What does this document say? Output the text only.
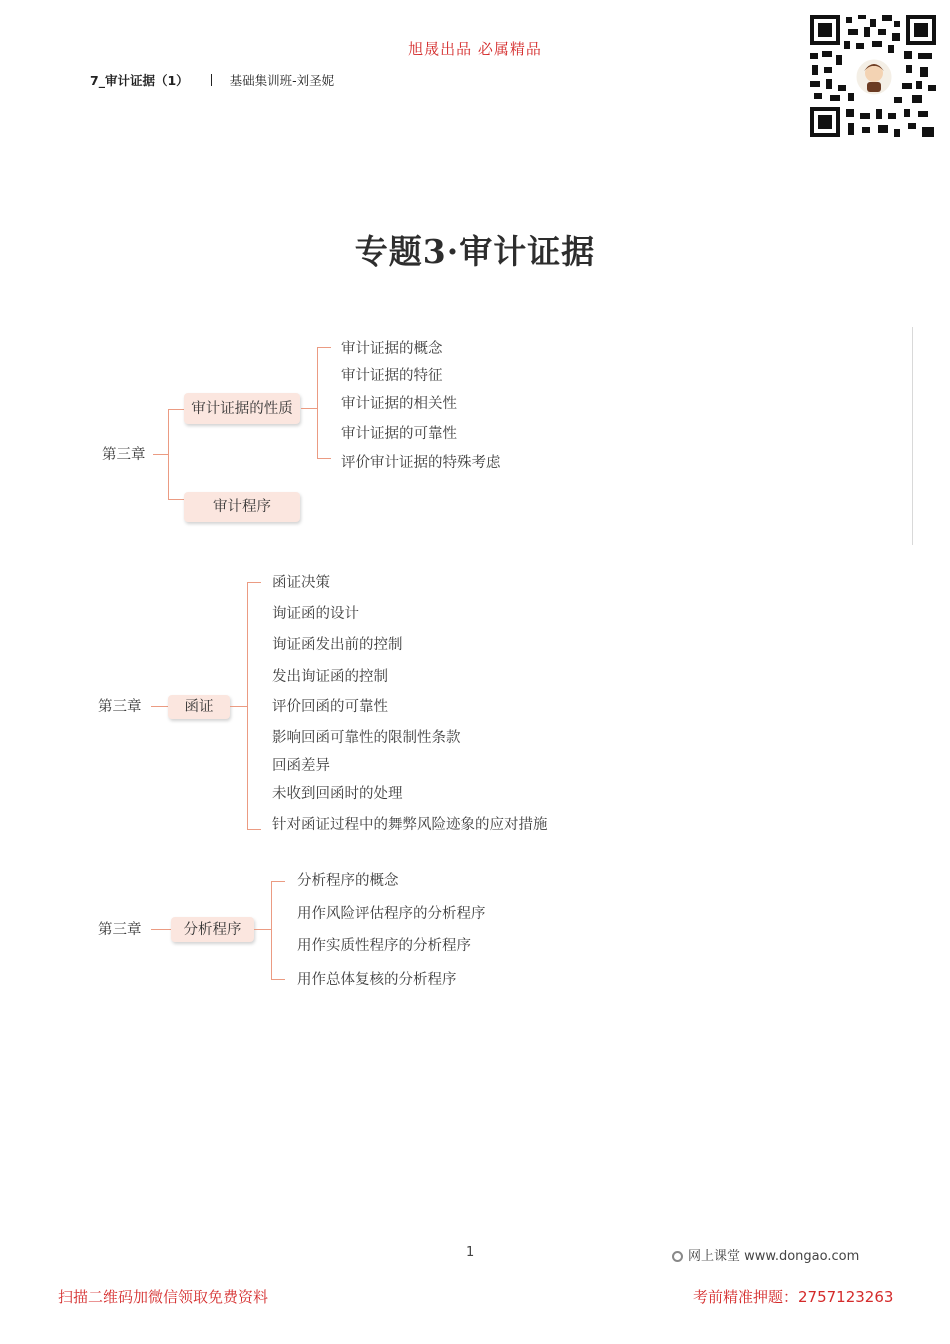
旭晟出品 必属精品
7_审计证据（1）	基础集训班-刘圣妮
专题3·审计证据
第三章
审计证据的性质
审计程序
审计证据的概念
审计证据的特征
审计证据的相关性
审计证据的可靠性
评价审计证据的特殊考虑
第三章	函证
函证决策
询证函的设计
询证函发出前的控制
发出询证函的控制
评价回函的可靠性
影响回函可靠性的限制性条款
回函差异
未收到回函时的处理
针对函证过程中的舞弊风险迹象的应对措施
第三章	分析程序
分析程序的概念
用作风险评估程序的分析程序
用作实质性程序的分析程序
用作总体复核的分析程序
1	网上课堂 www.dongao.com
扫描二维码加微信领取免费资料	考前精准押题：2757123263
